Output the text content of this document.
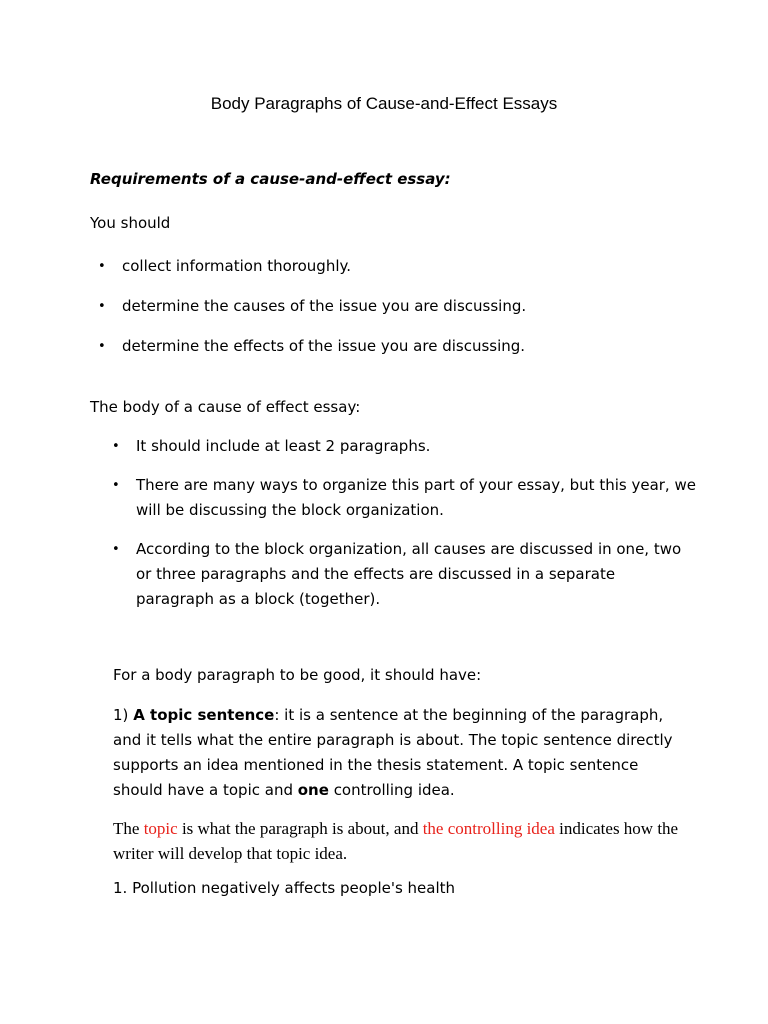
Body Paragraphs of Cause-and-Effect Essays
Requirements of a cause-and-effect essay:
You should
• collect information thoroughly.
• determine the causes of the issue you are discussing.
• determine the effects of the issue you are discussing.
The body of a cause of effect essay:
• It should include at least 2 paragraphs.
• There are many ways to organize this part of your essay, but this year, we will be discussing the block organization.
• According to the block organization, all causes are discussed in one, two or three paragraphs and the effects are discussed in a separate paragraph as a block (together).
For a body paragraph to be good, it should have:
1) A topic sentence: it is a sentence at the beginning of the paragraph, and it tells what the entire paragraph is about. The topic sentence directly supports an idea mentioned in the thesis statement. A topic sentence should have a topic and one controlling idea.
The topic is what the paragraph is about, and the controlling idea indicates how the writer will develop that topic idea.
1. Pollution negatively affects people's health
